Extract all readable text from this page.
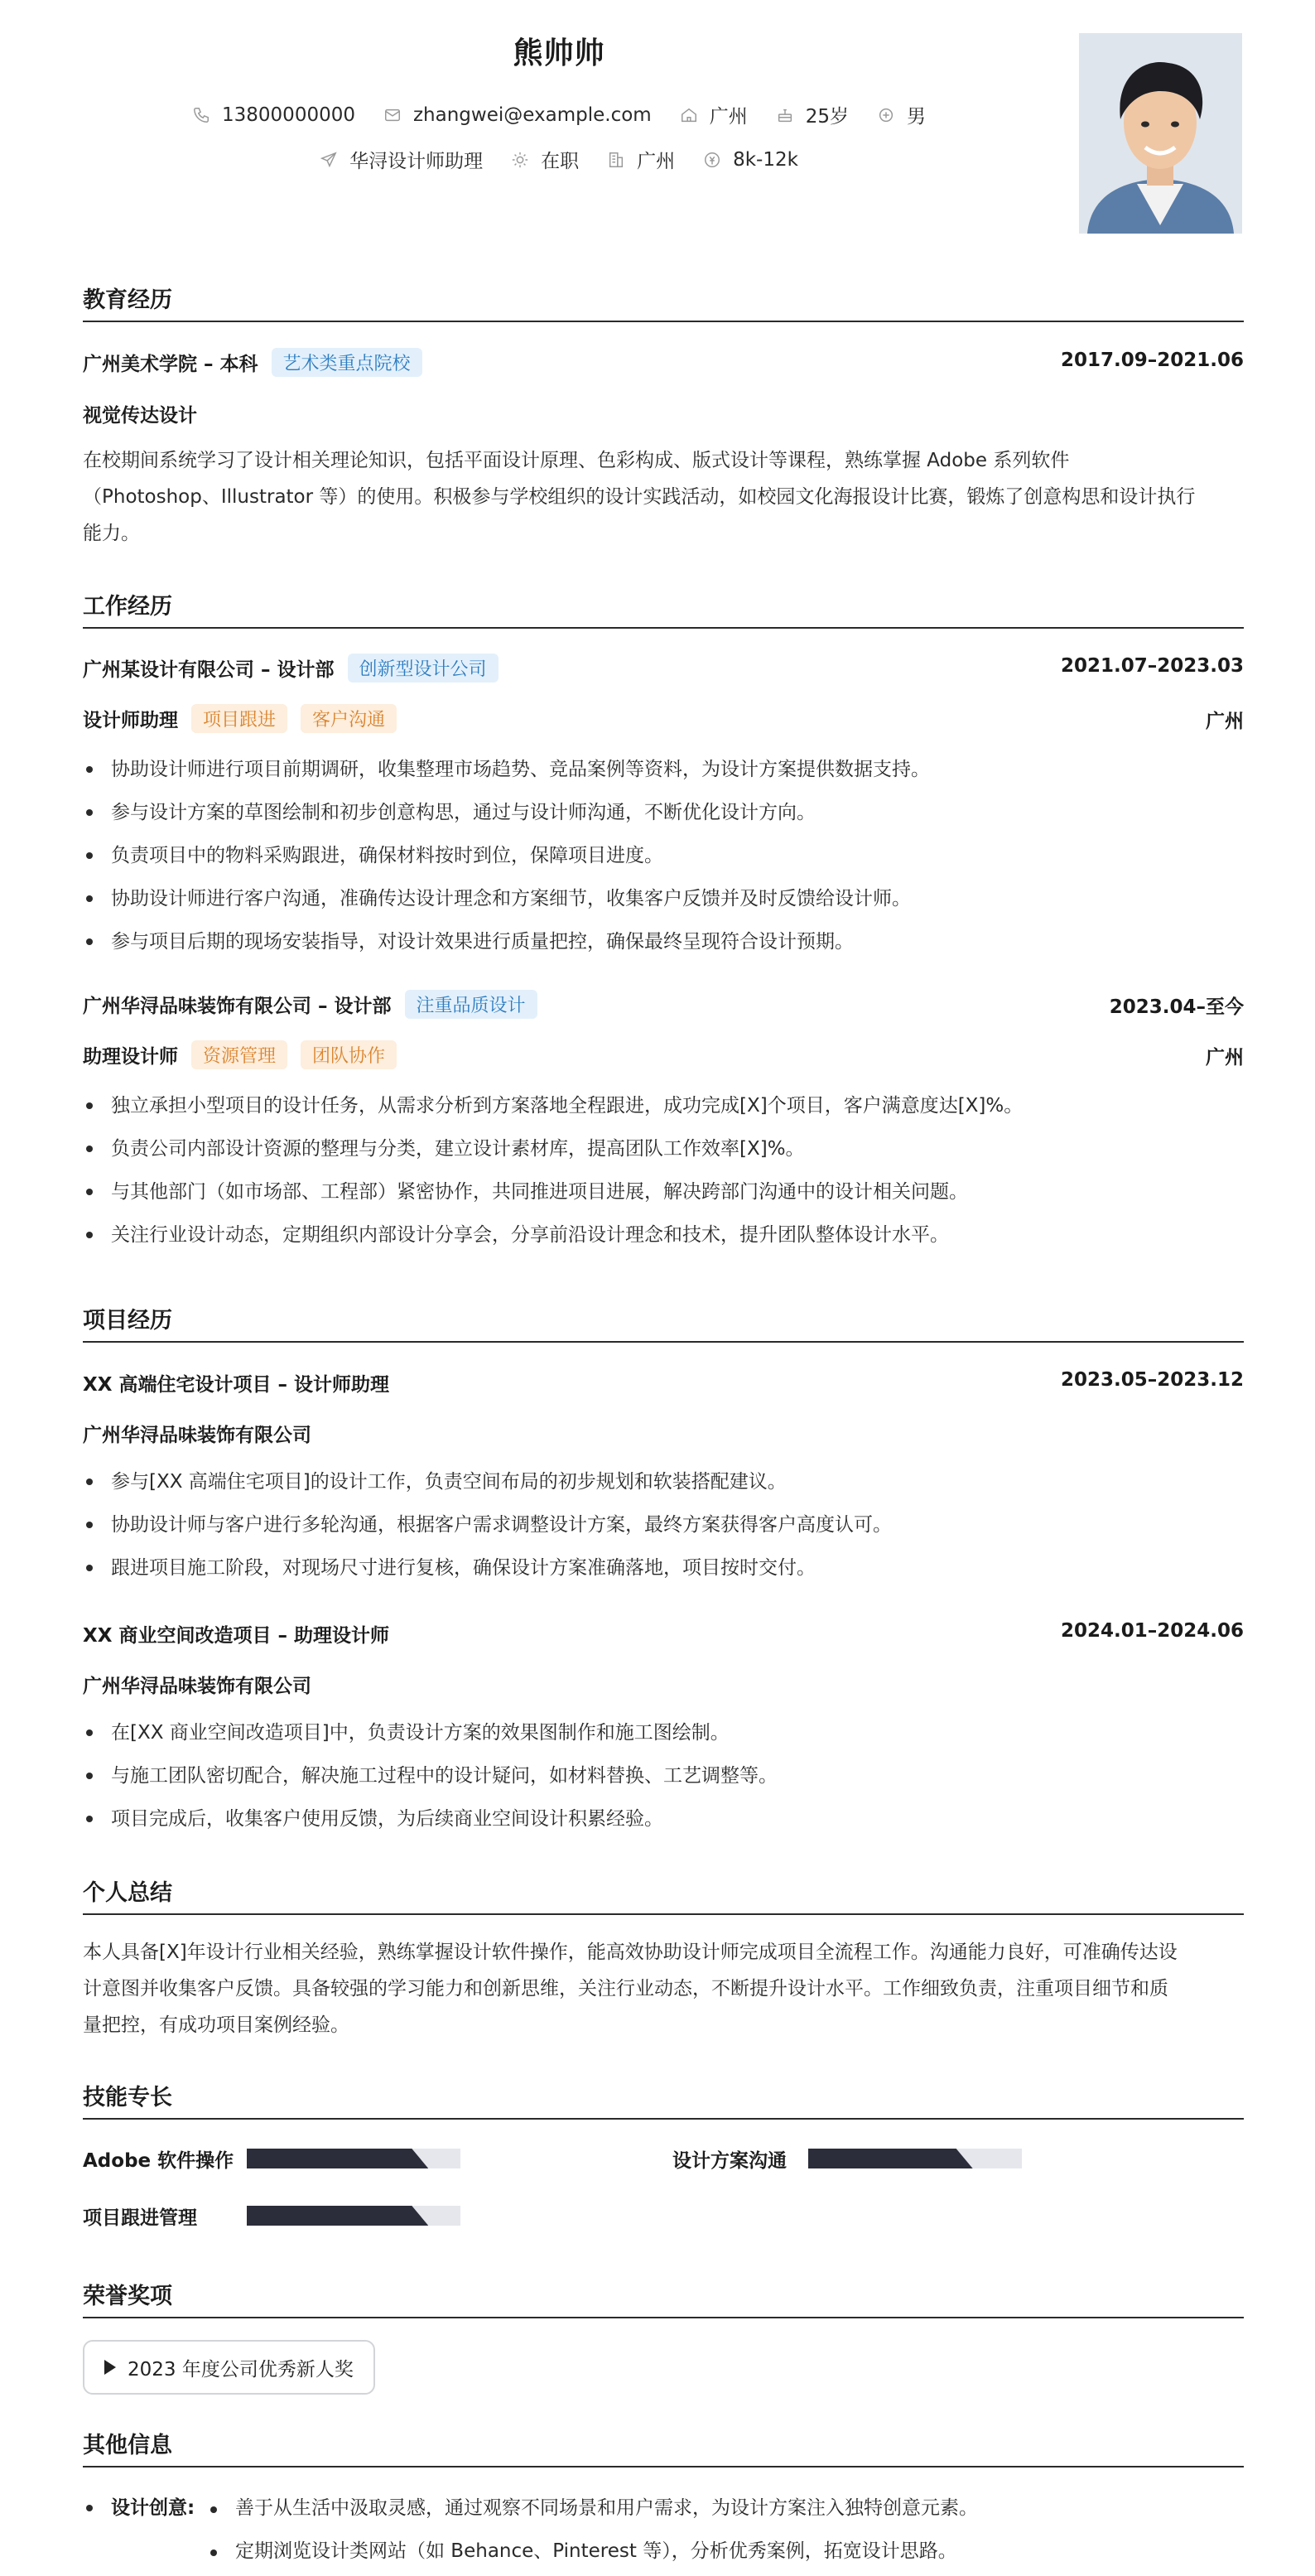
熊帅帅
13800000000	zhangwei@example.com	广州	25岁	男
华浔设计师助理	在职	广州	8k-12k
教育经历
广州美术学院 – 本科	艺术类重点院校	2017.09–2021.06
视觉传达设计
在校期间系统学习了设计相关理论知识，包括平面设计原理、色彩构成、版式设计等课程，熟练掌握 Adobe 系列软件
（Photoshop、Illustrator 等）的使用。积极参与学校组织的设计实践活动，如校园文化海报设计比赛，锻炼了创意构思和设计执行
能力。
工作经历
广州某设计有限公司 – 设计部	创新型设计公司	2021.07–2023.03
设计师助理	项目跟进	客户沟通	广州
协助设计师进行项目前期调研，收集整理市场趋势、竞品案例等资料，为设计方案提供数据支持。
参与设计方案的草图绘制和初步创意构思，通过与设计师沟通，不断优化设计方向。
负责项目中的物料采购跟进，确保材料按时到位，保障项目进度。
协助设计师进行客户沟通，准确传达设计理念和方案细节，收集客户反馈并及时反馈给设计师。
参与项目后期的现场安装指导，对设计效果进行质量把控，确保最终呈现符合设计预期。
广州华浔品味装饰有限公司 – 设计部	注重品质设计	2023.04–至今
助理设计师	资源管理	团队协作	广州
独立承担小型项目的设计任务，从需求分析到方案落地全程跟进，成功完成[X]个项目，客户满意度达[X]%。
负责公司内部设计资源的整理与分类，建立设计素材库，提高团队工作效率[X]%。
与其他部门（如市场部、工程部）紧密协作，共同推进项目进展，解决跨部门沟通中的设计相关问题。
关注行业设计动态，定期组织内部设计分享会，分享前沿设计理念和技术，提升团队整体设计水平。
项目经历
XX 高端住宅设计项目 – 设计师助理	2023.05–2023.12
广州华浔品味装饰有限公司
参与[XX 高端住宅项目]的设计工作，负责空间布局的初步规划和软装搭配建议。
协助设计师与客户进行多轮沟通，根据客户需求调整设计方案，最终方案获得客户高度认可。
跟进项目施工阶段，对现场尺寸进行复核，确保设计方案准确落地，项目按时交付。
XX 商业空间改造项目 – 助理设计师	2024.01–2024.06
广州华浔品味装饰有限公司
在[XX 商业空间改造项目]中，负责设计方案的效果图制作和施工图绘制。
与施工团队密切配合，解决施工过程中的设计疑问，如材料替换、工艺调整等。
项目完成后，收集客户使用反馈，为后续商业空间设计积累经验。
个人总结
本人具备[X]年设计行业相关经验，熟练掌握设计软件操作，能高效协助设计师完成项目全流程工作。沟通能力良好，可准确传达设
计意图并收集客户反馈。具备较强的学习能力和创新思维，关注行业动态，不断提升设计水平。工作细致负责，注重项目细节和质
量把控，有成功项目案例经验。
技能专长
Adobe 软件操作	设计方案沟通
项目跟进管理
荣誉奖项
2023 年度公司优秀新人奖
其他信息
设计创意:	善于从生活中汲取灵感，通过观察不同场景和用户需求，为设计方案注入独特创意元素。
定期浏览设计类网站（如 Behance、Pinterest 等），分析优秀案例，拓宽设计思路。
